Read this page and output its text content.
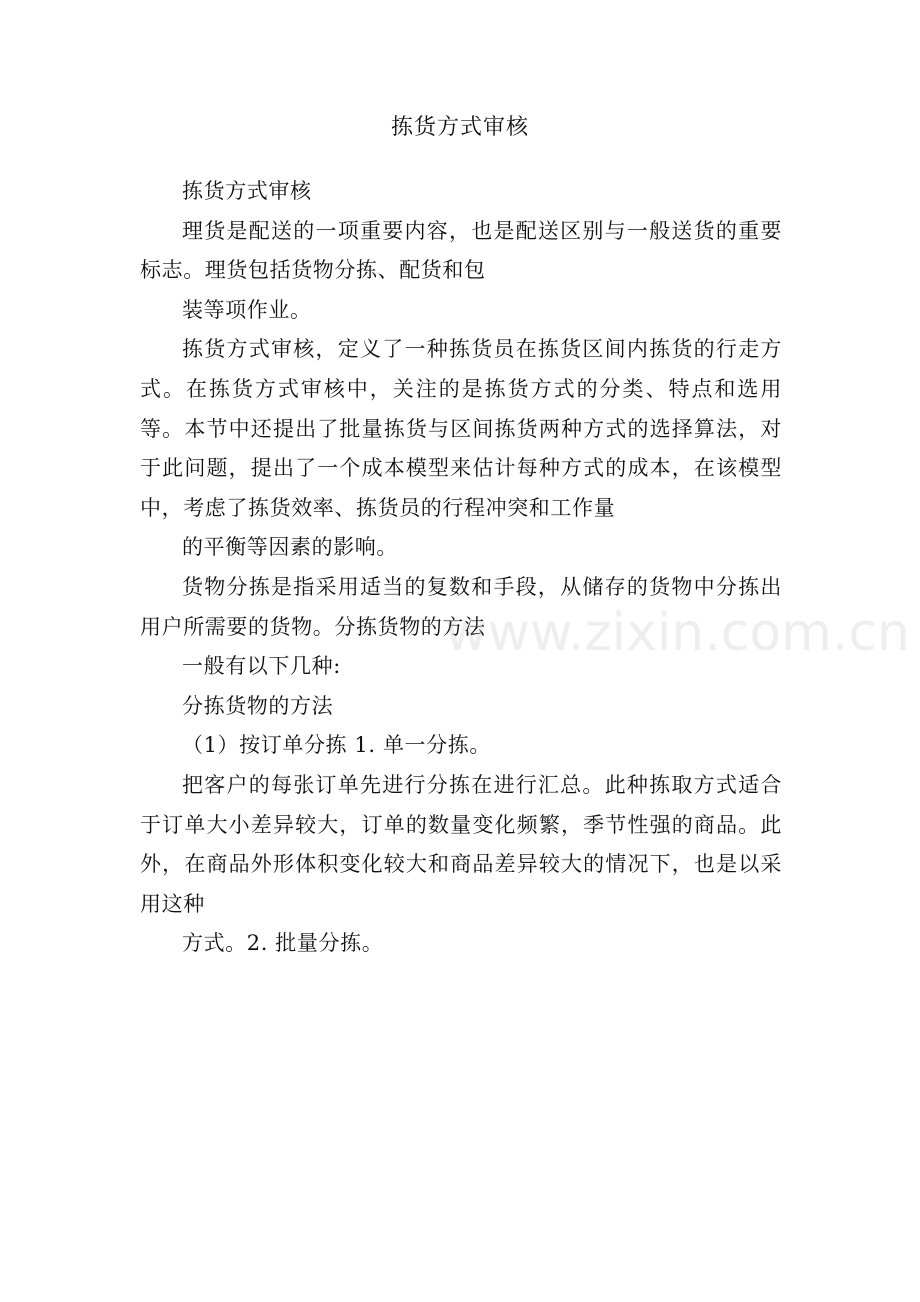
拣货方式审核

拣货方式审核

理货是配送的一项重要内容，也是配送区别与一般送货的重要标志。理货包括货物分拣、配货和包

装等项作业。

拣货方式审核，定义了一种拣货员在拣货区间内拣货的行走方式。在拣货方式审核中，关注的是拣货方式的分类、特点和选用等。本节中还提出了批量拣货与区间拣货两种方式的选择算法，对于此问题，提出了一个成本模型来估计每种方式的成本，在该模型中，考虑了拣货效率、拣货员的行程冲突和工作量

的平衡等因素的影响。

货物分拣是指采用适当的复数和手段，从储存的货物中分拣出用户所需要的货物。分拣货物的方法

一般有以下几种:

分拣货物的方法

（1）按订单分拣 1. 单一分拣。

把客户的每张订单先进行分拣在进行汇总。此种拣取方式适合于订单大小差异较大，订单的数量变化频繁，季节性强的商品。此外，在商品外形体积变化较大和商品差异较大的情况下，也是以采用这种

方式。2. 批量分拣。

www.zixin.com.cn
